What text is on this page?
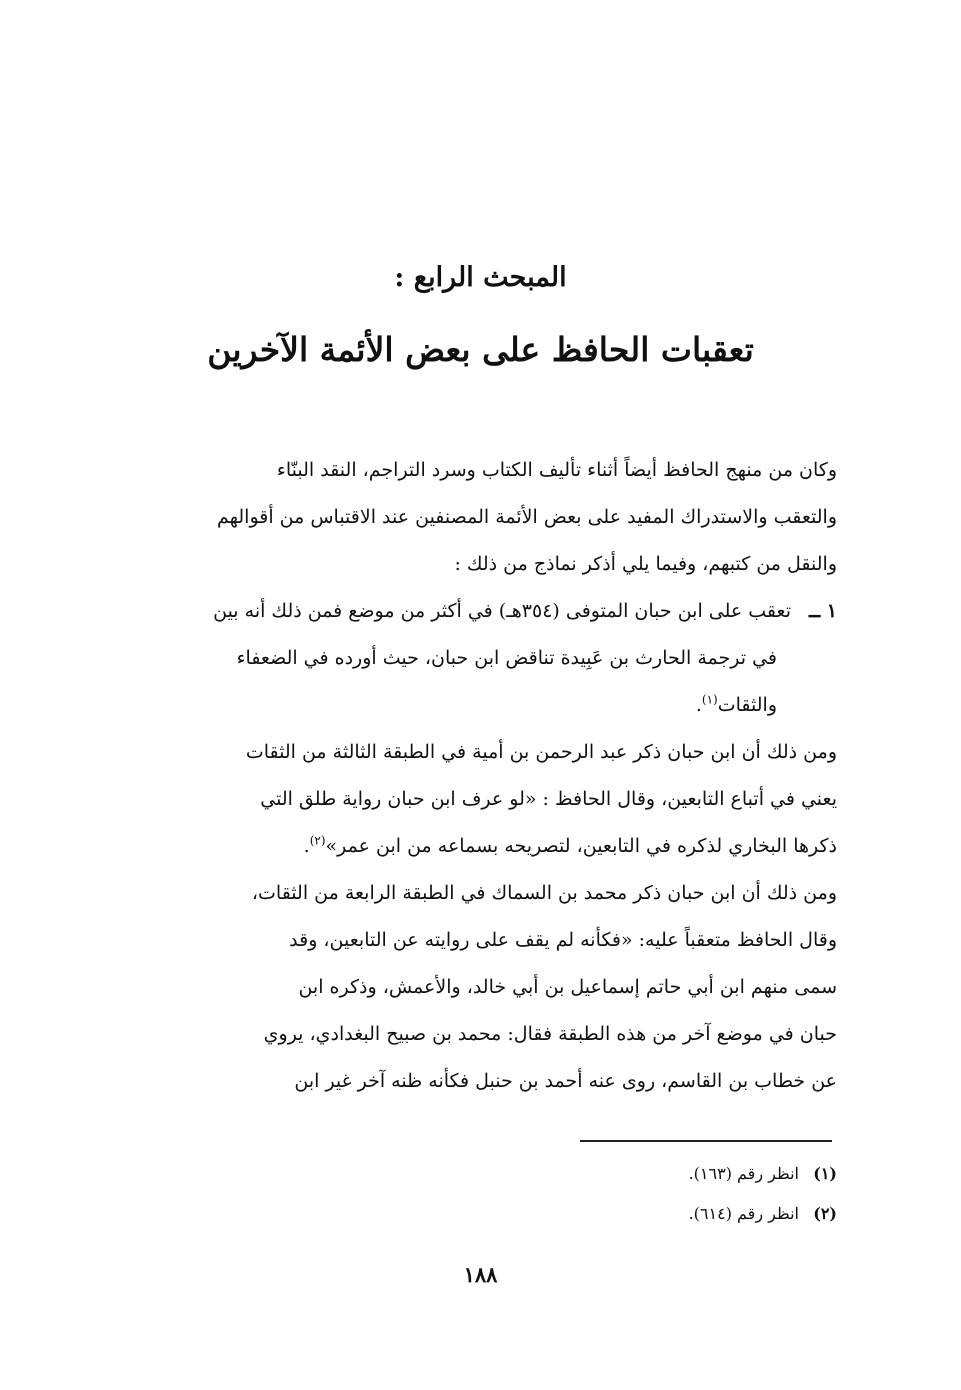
المبحث الرابع :
تعقبات الحافظ على بعض الأئمة الآخرين

وكان من منهج الحافظ أيضاً أثناء تأليف الكتاب وسرد التراجم، النقد البنّاء

والتعقب والاستدراك المفيد على بعض الأئمة المصنفين عند الاقتباس من أقوالهم

والنقل من كتبهم، وفيما يلي أذكر نماذج من ذلك :

١ ــتعقب على ابن حبان المتوفى (٣٥٤هـ) في أكثر من موضع فمن ذلك أنه بين

في ترجمة الحارث بن عَبِيدة تناقض ابن حبان، حيث أورده في الضعفاء

والثقات$^{(١)}$.

ومن ذلك أن ابن حبان ذكر عبد الرحمن بن أمية في الطبقة الثالثة من الثقات

يعني في أتباع التابعين، وقال الحافظ : «لو عرف ابن حبان رواية طلق التي

ذكرها البخاري لذكره في التابعين، لتصريحه بسماعه من ابن عمر»$^{(٢)}$.

ومن ذلك أن ابن حبان ذكر محمد بن السماك في الطبقة الرابعة من الثقات،

وقال الحافظ متعقباً عليه: «فكأنه لم يقف على روايته عن التابعين، وقد

سمى منهم ابن أبي حاتم إسماعيل بن أبي خالد، والأعمش، وذكره ابن

حبان في موضع آخر من هذه الطبقة فقال: محمد بن صبيح البغدادي، يروي

عن خطاب بن القاسم، روى عنه أحمد بن حنبل فكأنه ظنه آخر غير ابن

(١)انظر رقم (١٦٣).

(٢)انظر رقم (٦١٤).

١٨٨
